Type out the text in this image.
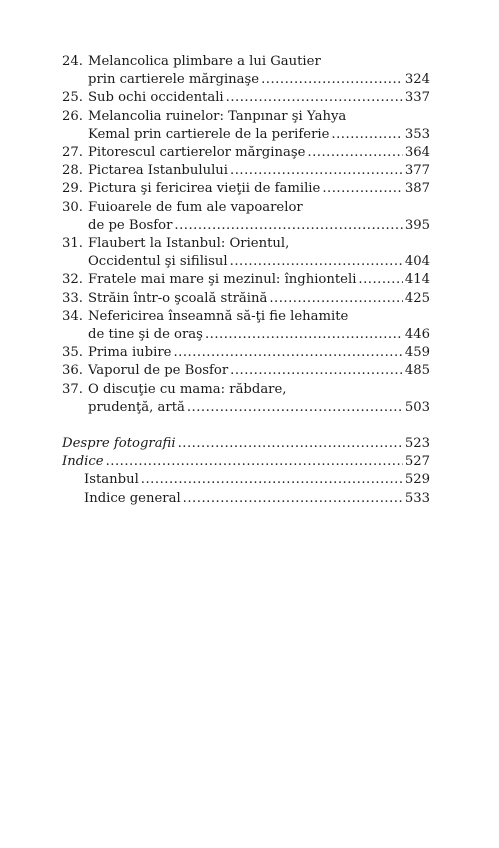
24. Melancolica plimbare a lui Gautier
prin cartierele mărginaşe .....	324
25. Sub ochi occidentali .....	337
26. Melancolia ruinelor: Tanpınar şi Yahya
Kemal prin cartierele de la periferie .....	353
27. Pitorescul cartierelor mărginaşe .....	364
28. Pictarea Istanbulului .....	377
29. Pictura şi fericirea vieţii de familie .....	387
30. Fuioarele de fum ale vapoarelor
de pe Bosfor .....	395
31. Flaubert la Istanbul: Orientul,
Occidentul şi sifilisul .....	404
32. Fratele mai mare şi mezinul: înghionteli .....	414
33. Străin într-o şcoală străină .....	425
34. Nefericirea înseamnă să-ţi fie lehamite
de tine şi de oraş .....	446
35. Prima iubire .....	459
36. Vaporul de pe Bosfor .....	485
37. O discuţie cu mama: răbdare,
prudenţă, artă .....	503
Despre fotografii .....	523
Indice .....	527
Istanbul .....	529
Indice general .....	533
